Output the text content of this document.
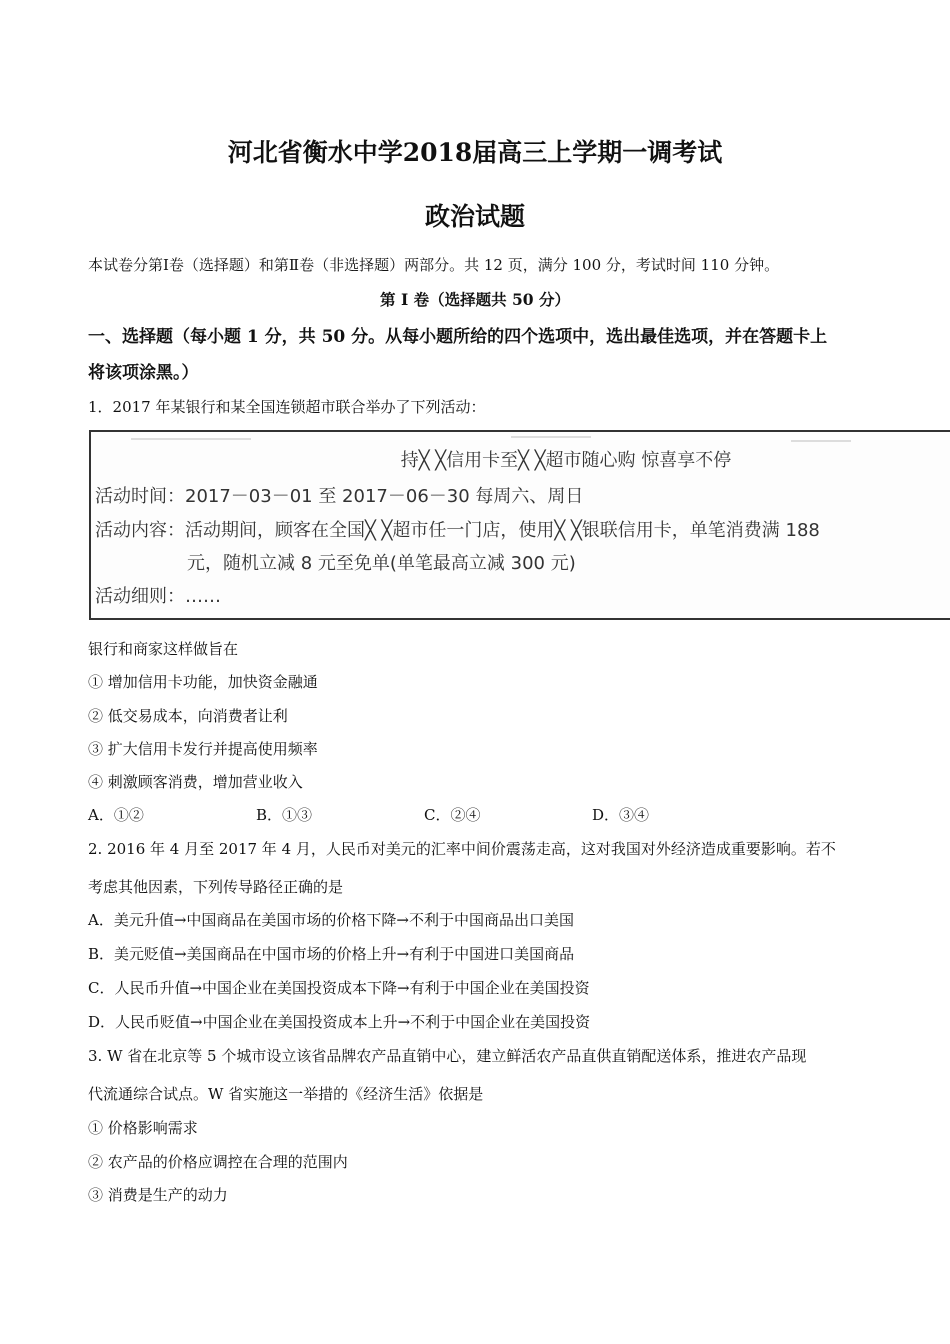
河北省衡水中学2018届高三上学期一调考试
政治试题
本试卷分第Ⅰ卷（选择题）和第Ⅱ卷（非选择题）两部分。共 12 页，满分 100 分，考试时间 110 分钟。
第 I 卷（选择题共 50 分）
一、选择题（每小题 1 分，共 50 分。从每小题所给的四个选项中，选出最佳选项，并在答题卡上
将该项涂黑。）
1．2017 年某银行和某全国连锁超市联合举办了下列活动：
持╳ ╳信用卡至╳ ╳超市随心购 惊喜享不停
活动时间：2017－03－01 至 2017－06－30 每周六、周日
活动内容：活动期间，顾客在全国╳ ╳超市任一门店，使用╳ ╳银联信用卡，单笔消费满 188
元，随机立减 8 元至免单(单笔最高立减 300 元)
活动细则：……
银行和商家这样做旨在
① 增加信用卡功能，加快资金融通
② 低交易成本，向消费者让利
③ 扩大信用卡发行并提高使用频率
④ 刺激顾客消费，增加营业收入
A．①②	B．①③	C．②④	D．③④
2. 2016 年 4 月至 2017 年 4 月，人民币对美元的汇率中间价震荡走高，这对我国对外经济造成重要影响。若不
考虑其他因素，下列传导路径正确的是
A．美元升值→中国商品在美国市场的价格下降→不利于中国商品出口美国
B．美元贬值→美国商品在中国市场的价格上升→有利于中国进口美国商品
C．人民币升值→中国企业在美国投资成本下降→有利于中国企业在美国投资
D．人民币贬值→中国企业在美国投资成本上升→不利于中国企业在美国投资
3. W 省在北京等 5 个城市设立该省品牌农产品直销中心，建立鲜活农产品直供直销配送体系，推进农产品现
代流通综合试点。W 省实施这一举措的《经济生活》依据是
① 价格影响需求
② 农产品的价格应调控在合理的范围内
③ 消费是生产的动力
